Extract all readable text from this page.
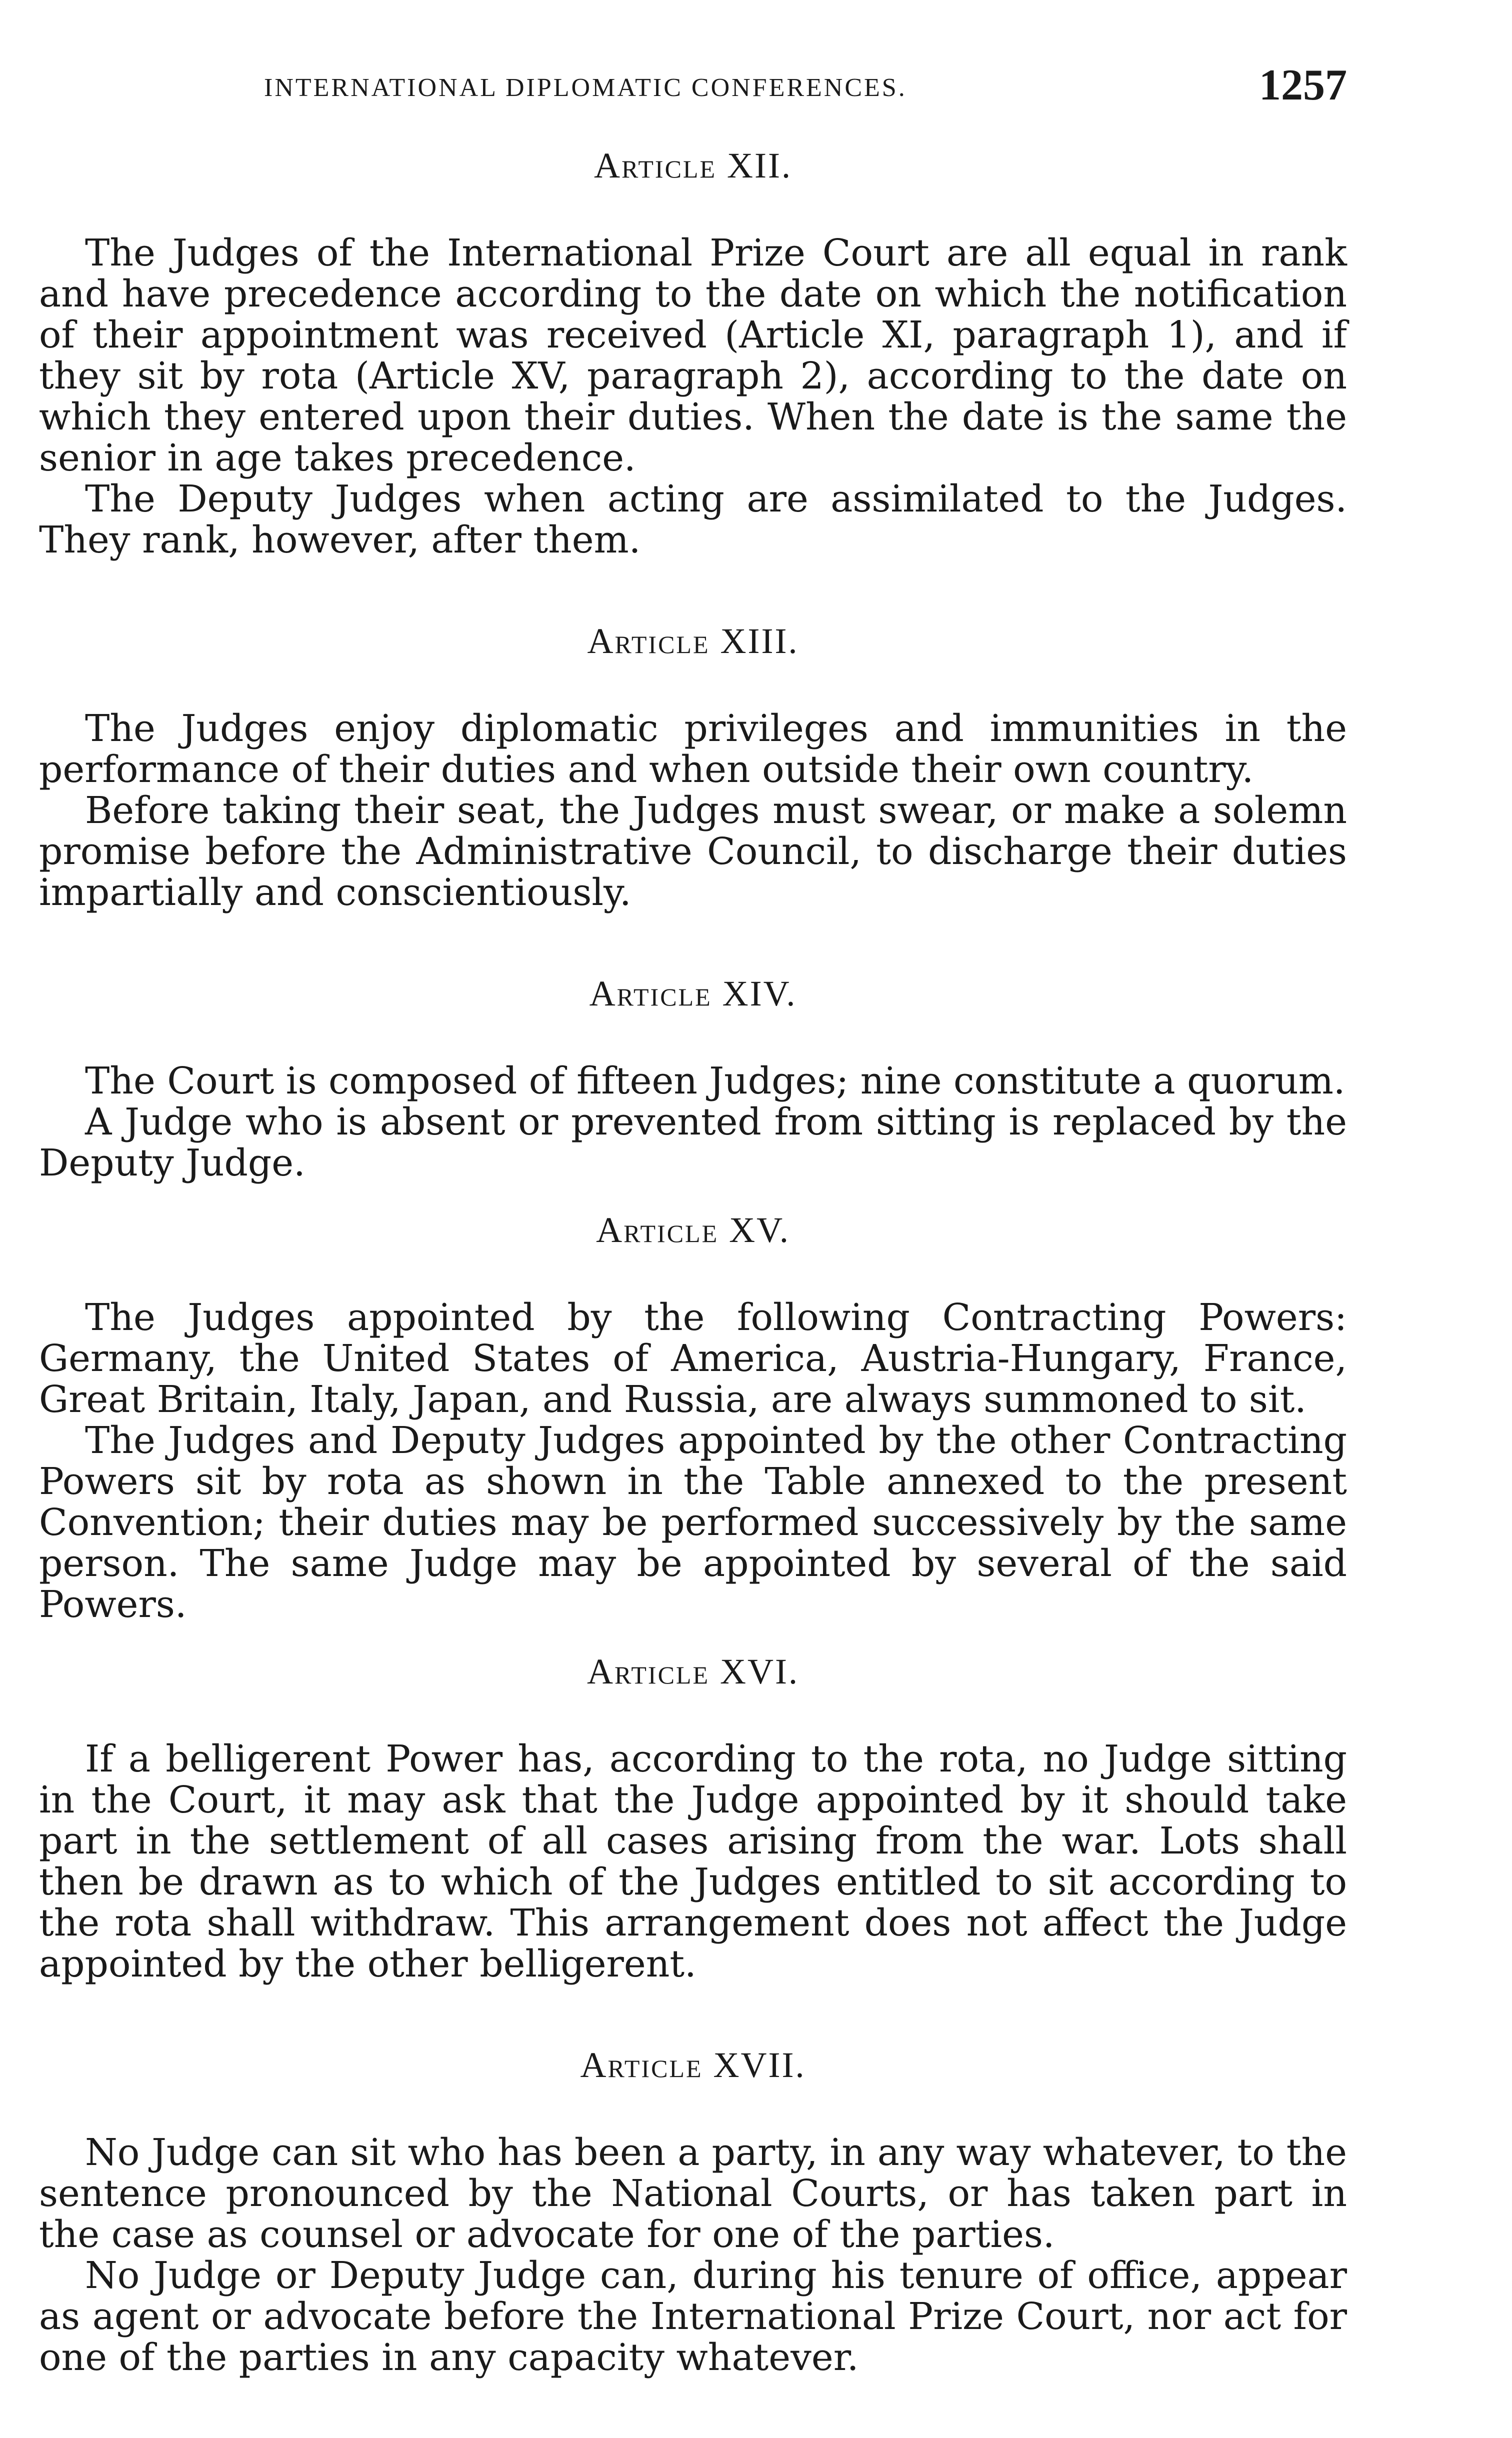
INTERNATIONAL DIPLOMATIC CONFERENCES.	1257
Article XII.

The Judges of the International Prize Court are all equal in rank and have precedence according to the date on which the notification of their appointment was received (Article XI, paragraph 1), and if they sit by rota (Article XV, paragraph 2), according to the date on which they entered upon their duties. When the date is the same the senior in age takes precedence.

The Deputy Judges when acting are assimilated to the Judges. They rank, however, after them.

Article XIII.

The Judges enjoy diplomatic privileges and immunities in the performance of their duties and when outside their own country.

Before taking their seat, the Judges must swear, or make a solemn promise before the Administrative Council, to discharge their duties impartially and conscientiously.

Article XIV.

The Court is composed of fifteen Judges; nine constitute a quorum.

A Judge who is absent or prevented from sitting is replaced by the Deputy Judge.

Article XV.

The Judges appointed by the following Contracting Powers: Germany, the United States of America, Austria-Hungary, France, Great Britain, Italy, Japan, and Russia, are always summoned to sit.

The Judges and Deputy Judges appointed by the other Contracting Powers sit by rota as shown in the Table annexed to the present Convention; their duties may be performed successively by the same person. The same Judge may be appointed by several of the said Powers.

Article XVI.

If a belligerent Power has, according to the rota, no Judge sitting in the Court, it may ask that the Judge appointed by it should take part in the settlement of all cases arising from the war. Lots shall then be drawn as to which of the Judges entitled to sit according to the rota shall withdraw. This arrangement does not affect the Judge appointed by the other belligerent.

Article XVII.

No Judge can sit who has been a party, in any way whatever, to the sentence pronounced by the National Courts, or has taken part in the case as counsel or advocate for one of the parties.

No Judge or Deputy Judge can, during his tenure of office, appear as agent or advocate before the International Prize Court, nor act for one of the parties in any capacity whatever.
